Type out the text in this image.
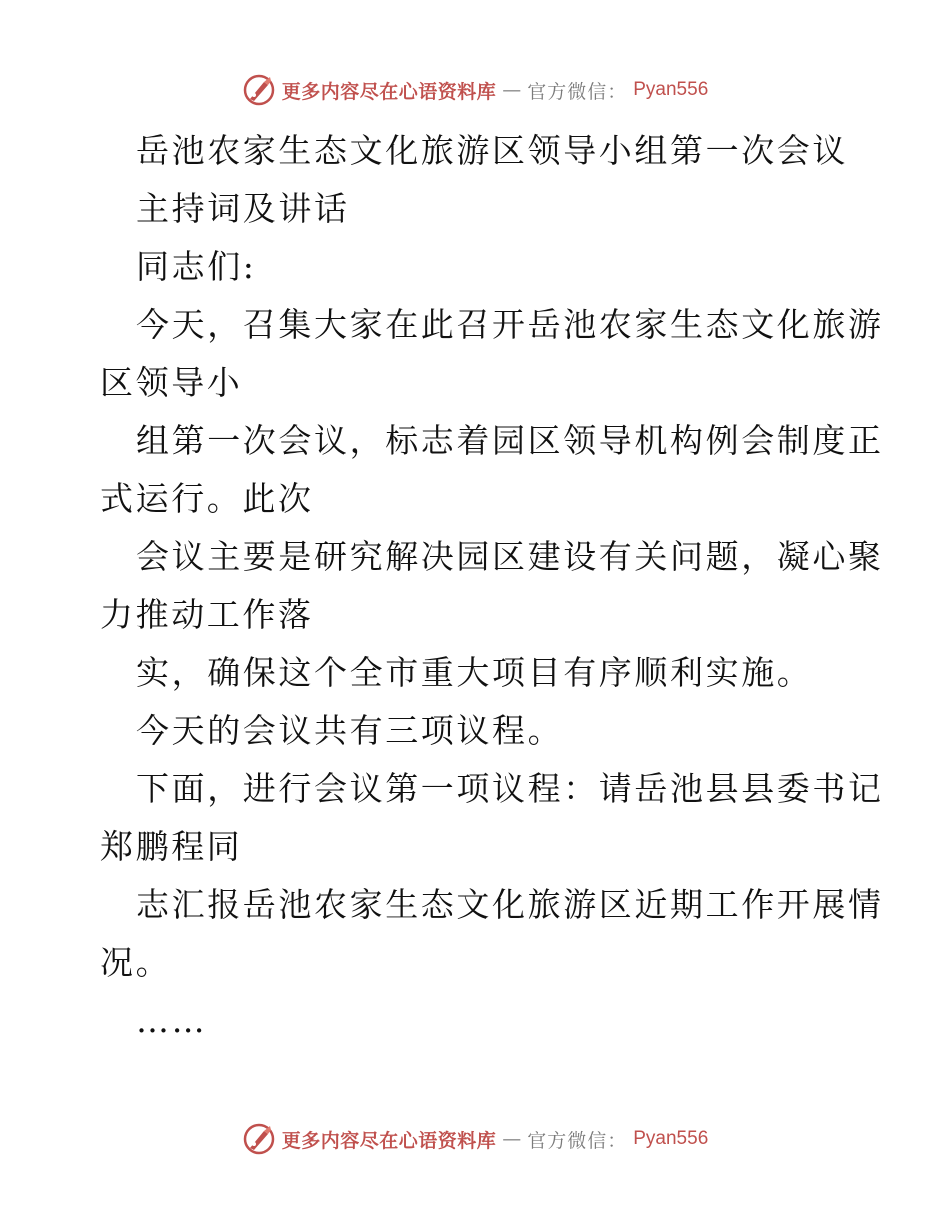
更多内容尽在心语资料库 — 官方微信： Pyan556
岳池农家生态文化旅游区领导小组第一次会议
主持词及讲话
同志们:
今天，召集大家在此召开岳池农家生态文化旅游
区领导小
组第一次会议，标志着园区领导机构例会制度正
式运行。此次
会议主要是研究解决园区建设有关问题，凝心聚
力推动工作落
实，确保这个全市重大项目有序顺利实施。
今天的会议共有三项议程。
下面，进行会议第一项议程：请岳池县县委书记
郑鹏程同
志汇报岳池农家生态文化旅游区近期工作开展情
况。
……
更多内容尽在心语资料库 — 官方微信： Pyan556
